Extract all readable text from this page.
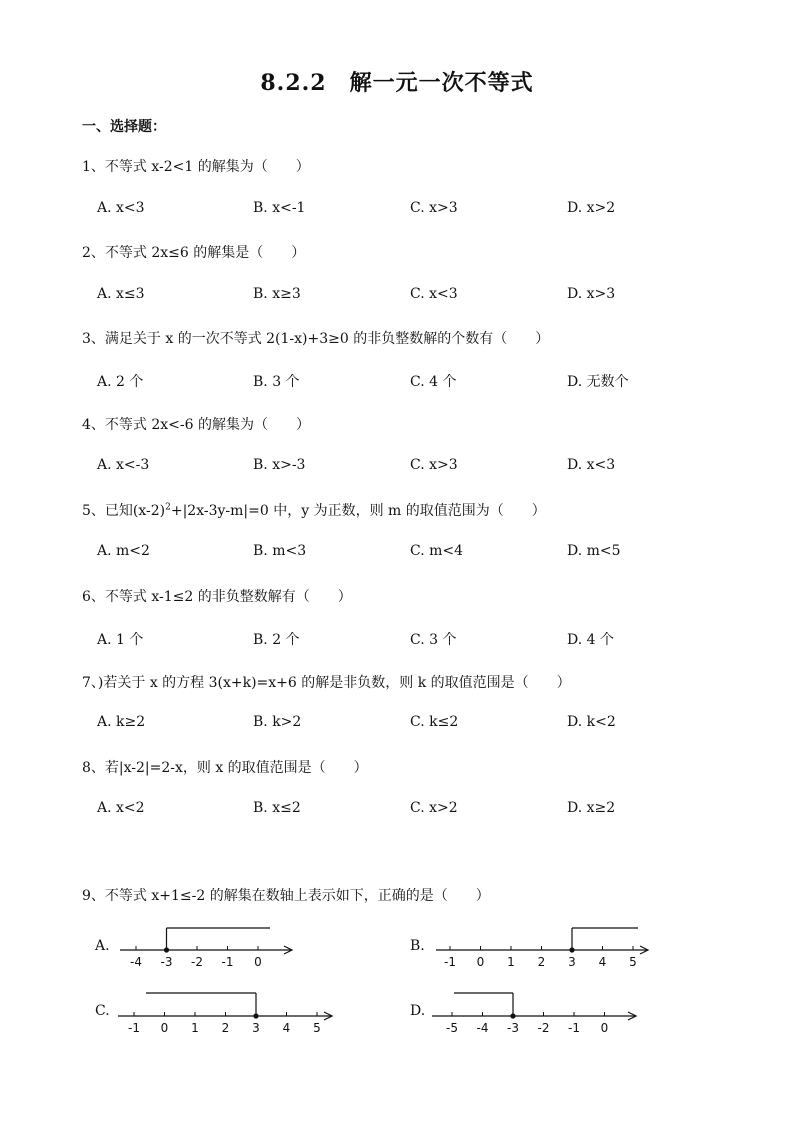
8.2.2　解一元一次不等式
一、选择题：
1、不等式 x-2<1 的解集为（　　）
A. x<3	B. x<-1	C. x>3	D. x>2
2、不等式 2x≤6 的解集是（　　）
A. x≤3	B. x≥3	C. x<3	D. x>3
3、满足关于 x 的一次不等式 2(1-x)+3≥0 的非负整数解的个数有（　　）
A. 2 个	B. 3 个	C. 4 个	D. 无数个
4、不等式 2x<-6 的解集为（　　）
A. x<-3	B. x>-3	C. x>3	D. x<3
5、已知$(x-2)^2+|2x-3y-m|=0$ 中，y 为正数，则 m 的取值范围为（　　）
A. m<2	B. m<3	C. m<4	D. m<5
6、不等式 x-1≤2 的非负整数解有（　　）
A. 1 个	B. 2 个	C. 3 个	D. 4 个
7、)若关于 x 的方程 3(x+k)=x+6 的解是非负数，则 k 的取值范围是（　　）
A. k≥2	B. k>2	C. k≤2	D. k<2
8、若|x-2|=2-x，则 x 的取值范围是（　　）
A. x<2	B. x≤2	C. x>2	D. x≥2
9、不等式 x+1≤-2 的解集在数轴上表示如下，正确的是（　　）
A.	B.
C.	D.
-4 -3 -2 -1 0	-1 0 1 2 3 4 5
-1 0 1 2 3 4 5	-5 -4 -3 -2 -1 0
